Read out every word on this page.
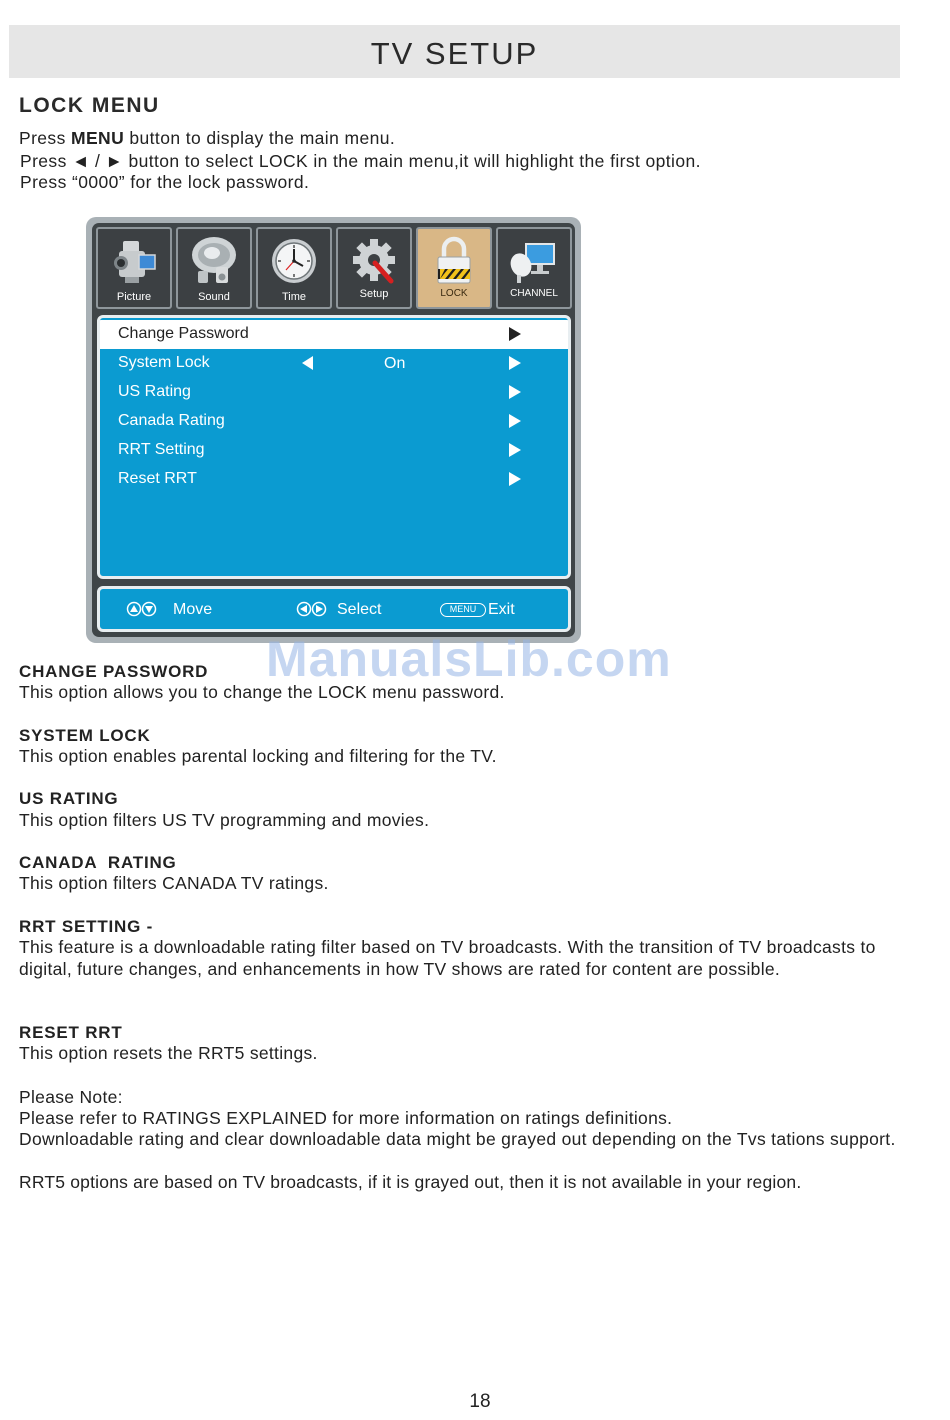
TV SETUP
LOCK MENU
Press MENU button to display the main menu.
Press ◄ / ► button to select LOCK in the main menu,it will highlight the first option.
Press “0000” for the lock password.
Picture	Sound	Time	Setup	LOCK	CHANNEL
Change Password
System Lock	On
US Rating
Canada Rating
RRT Setting
Reset RRT
Move	Select	MENU Exit
ManualsLib.com
CHANGE PASSWORD
This option allows you to change the LOCK menu password.
SYSTEM LOCK
This option enables parental locking and filtering for the TV.
US RATING
This option filters US TV programming and movies.
CANADA  RATING
This option filters CANADA TV ratings.
RRT SETTING -
This feature is a downloadable rating filter based on TV broadcasts. With the transition of TV broadcasts to digital, future changes, and enhancements in how TV shows are rated for content are possible.
RESET RRT
This option resets the RRT5 settings.
Please Note:
Please refer to RATINGS EXPLAINED for more information on ratings definitions.
Downloadable rating and clear downloadable data might be grayed out depending on the Tvs tations support.
RRT5 options are based on TV broadcasts, if it is grayed out, then it is not available in your region.
18
